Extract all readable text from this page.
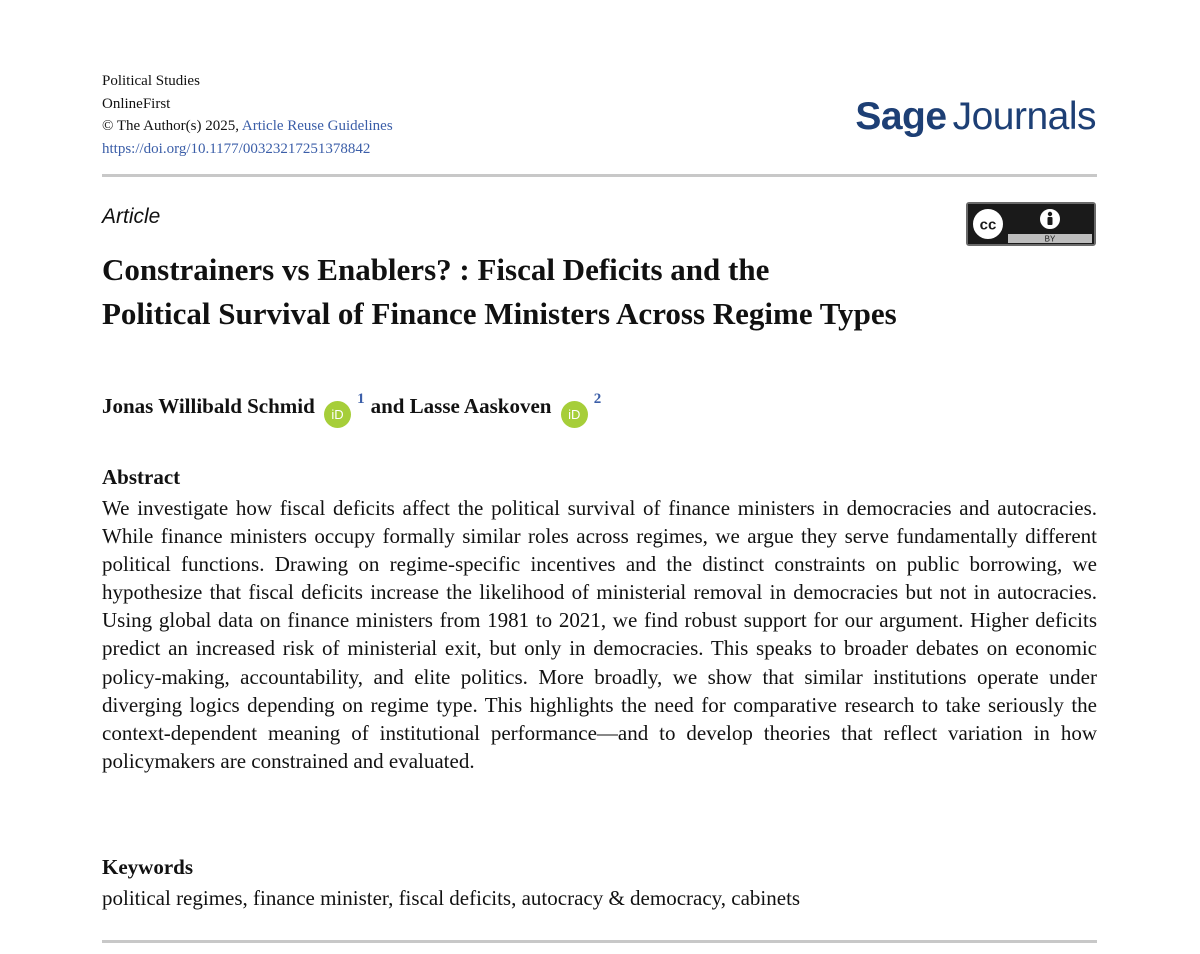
Political Studies
OnlineFirst
© The Author(s) 2025, Article Reuse Guidelines
https://doi.org/10.1177/00323217251378842
Sage Journals
Article	cc
BY
Constrainers vs Enablers? : Fiscal Deficits and the
Political Survival of Finance Ministers Across Regime Types
Jonas Willibald Schmid $iD^1$ and Lasse Aaskoven $iD^2$
Abstract

We investigate how fiscal deficits affect the political survival of finance ministers in democracies and autocracies. While finance ministers occupy formally similar roles across regimes, we argue they serve fundamentally different political functions. Drawing on regime-specific incentives and the distinct constraints on public borrowing, we hypothesize that fiscal deficits increase the likelihood of ministerial removal in democracies but not in autocracies. Using global data on finance ministers from 1981 to 2021, we find robust support for our argument. Higher deficits predict an increased risk of ministerial exit, but only in democracies. This speaks to broader debates on economic policy-making, accountability, and elite politics. More broadly, we show that similar institutions operate under diverging logics depending on regime type. This highlights the need for comparative research to take seriously the context-dependent meaning of institutional performance—and to develop theories that reflect variation in how policymakers are constrained and evaluated.

Keywords
political regimes, finance minister, fiscal deficits, autocracy & democracy, cabinets
